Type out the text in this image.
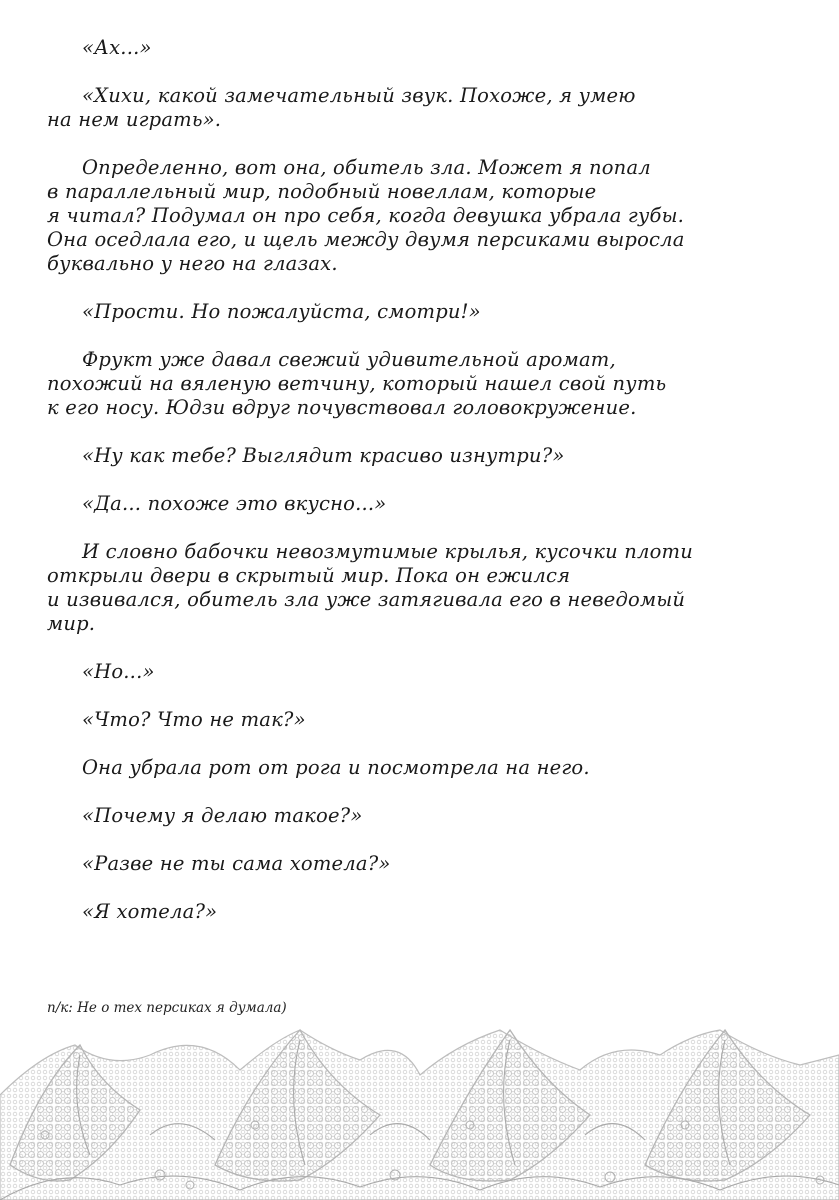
«Ах...»

«Хихи, какой замечательный звук. Похоже, я умею
на нем играть».

Определенно, вот она, обитель зла. Может я попал
в параллельный мир, подобный новеллам, которые
я читал? Подумал он про себя, когда девушка убрала губы.
Она оседлала его, и щель между двумя персиками выросла
буквально у него на глазах.

«Прости. Но пожалуйста, смотри!»

Фрукт уже давал свежий удивительной аромат,
похожий на вяленую ветчину, который нашел свой путь
к его носу. Юдзи вдруг почувствовал головокружение.

«Ну как тебе? Выглядит красиво изнутри?»

«Да... похоже это вкусно...»

И словно бабочки невозмутимые крылья, кусочки плоти
открыли двери в скрытый мир. Пока он ежился
и извивался, обитель зла уже затягивала его в неведомый
мир.

«Но...»

«Что? Что не так?»

Она убрала рот от рога и посмотрела на него.

«Почему я делаю такое?»

«Разве не ты сама хотела?»

«Я хотела?»

п/к: Не о тех персиках я думала)
